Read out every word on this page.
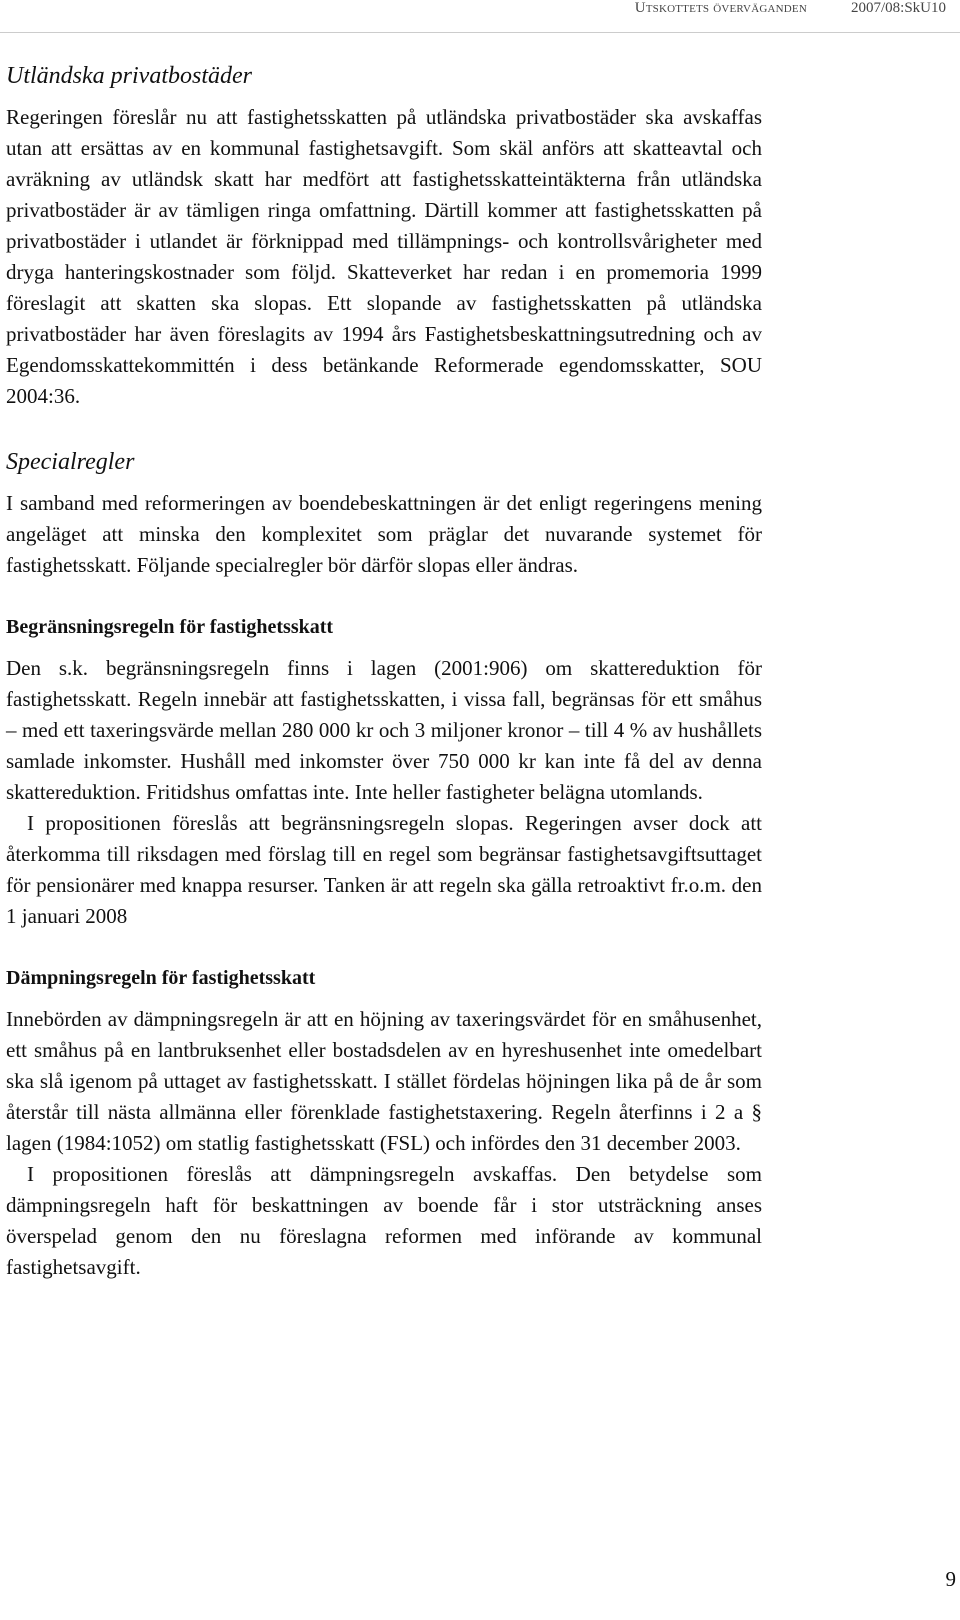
Utskottets överväganden	2007/08:SkU10
Utländska privatbostäder

Regeringen föreslår nu att fastighetsskatten på utländska privatbostäder ska avskaffas utan att ersättas av en kommunal fastighetsavgift. Som skäl anförs att skatteavtal och avräkning av utländsk skatt har medfört att fastighetsskatteintäkterna från utländska privatbostäder är av tämligen ringa omfattning. Därtill kommer att fastighetsskatten på privatbostäder i utlandet är förknippad med tillämpnings- och kontrollsvårigheter med dryga hanteringskostnader som följd. Skatteverket har redan i en promemoria 1999 föreslagit att skatten ska slopas. Ett slopande av fastighetsskatten på utländska privatbostäder har även föreslagits av 1994 års Fastighetsbeskattningsutredning och av Egendomsskattekommittén i dess betänkande Reformerade egendomsskatter, SOU 2004:36.

Specialregler

I samband med reformeringen av boendebeskattningen är det enligt regeringens mening angeläget att minska den komplexitet som präglar det nuvarande systemet för fastighetsskatt. Följande specialregler bör därför slopas eller ändras.

Begränsningsregeln för fastighetsskatt

Den s.k. begränsningsregeln finns i lagen (2001:906) om skattereduktion för fastighetsskatt. Regeln innebär att fastighetsskatten, i vissa fall, begränsas för ett småhus – med ett taxeringsvärde mellan 280 000 kr och 3 miljoner kronor – till 4 % av hushållets samlade inkomster. Hushåll med inkomster över 750 000 kr kan inte få del av denna skattereduktion. Fritidshus omfattas inte. Inte heller fastigheter belägna utomlands.

I propositionen föreslås att begränsningsregeln slopas. Regeringen avser dock att återkomma till riksdagen med förslag till en regel som begränsar fastighetsavgiftsuttaget för pensionärer med knappa resurser. Tanken är att regeln ska gälla retroaktivt fr.o.m. den 1 januari 2008

Dämpningsregeln för fastighetsskatt

Innebörden av dämpningsregeln är att en höjning av taxeringsvärdet för en småhusenhet, ett småhus på en lantbruksenhet eller bostadsdelen av en hyreshusenhet inte omedelbart ska slå igenom på uttaget av fastighetsskatt. I stället fördelas höjningen lika på de år som återstår till nästa allmänna eller förenklade fastighetstaxering. Regeln återfinns i 2 a § lagen (1984:1052) om statlig fastighetsskatt (FSL) och infördes den 31 december 2003.

I propositionen föreslås att dämpningsregeln avskaffas. Den betydelse som dämpningsregeln haft för beskattningen av boende får i stor utsträckning anses överspelad genom den nu föreslagna reformen med införande av kommunal fastighetsavgift.

9
